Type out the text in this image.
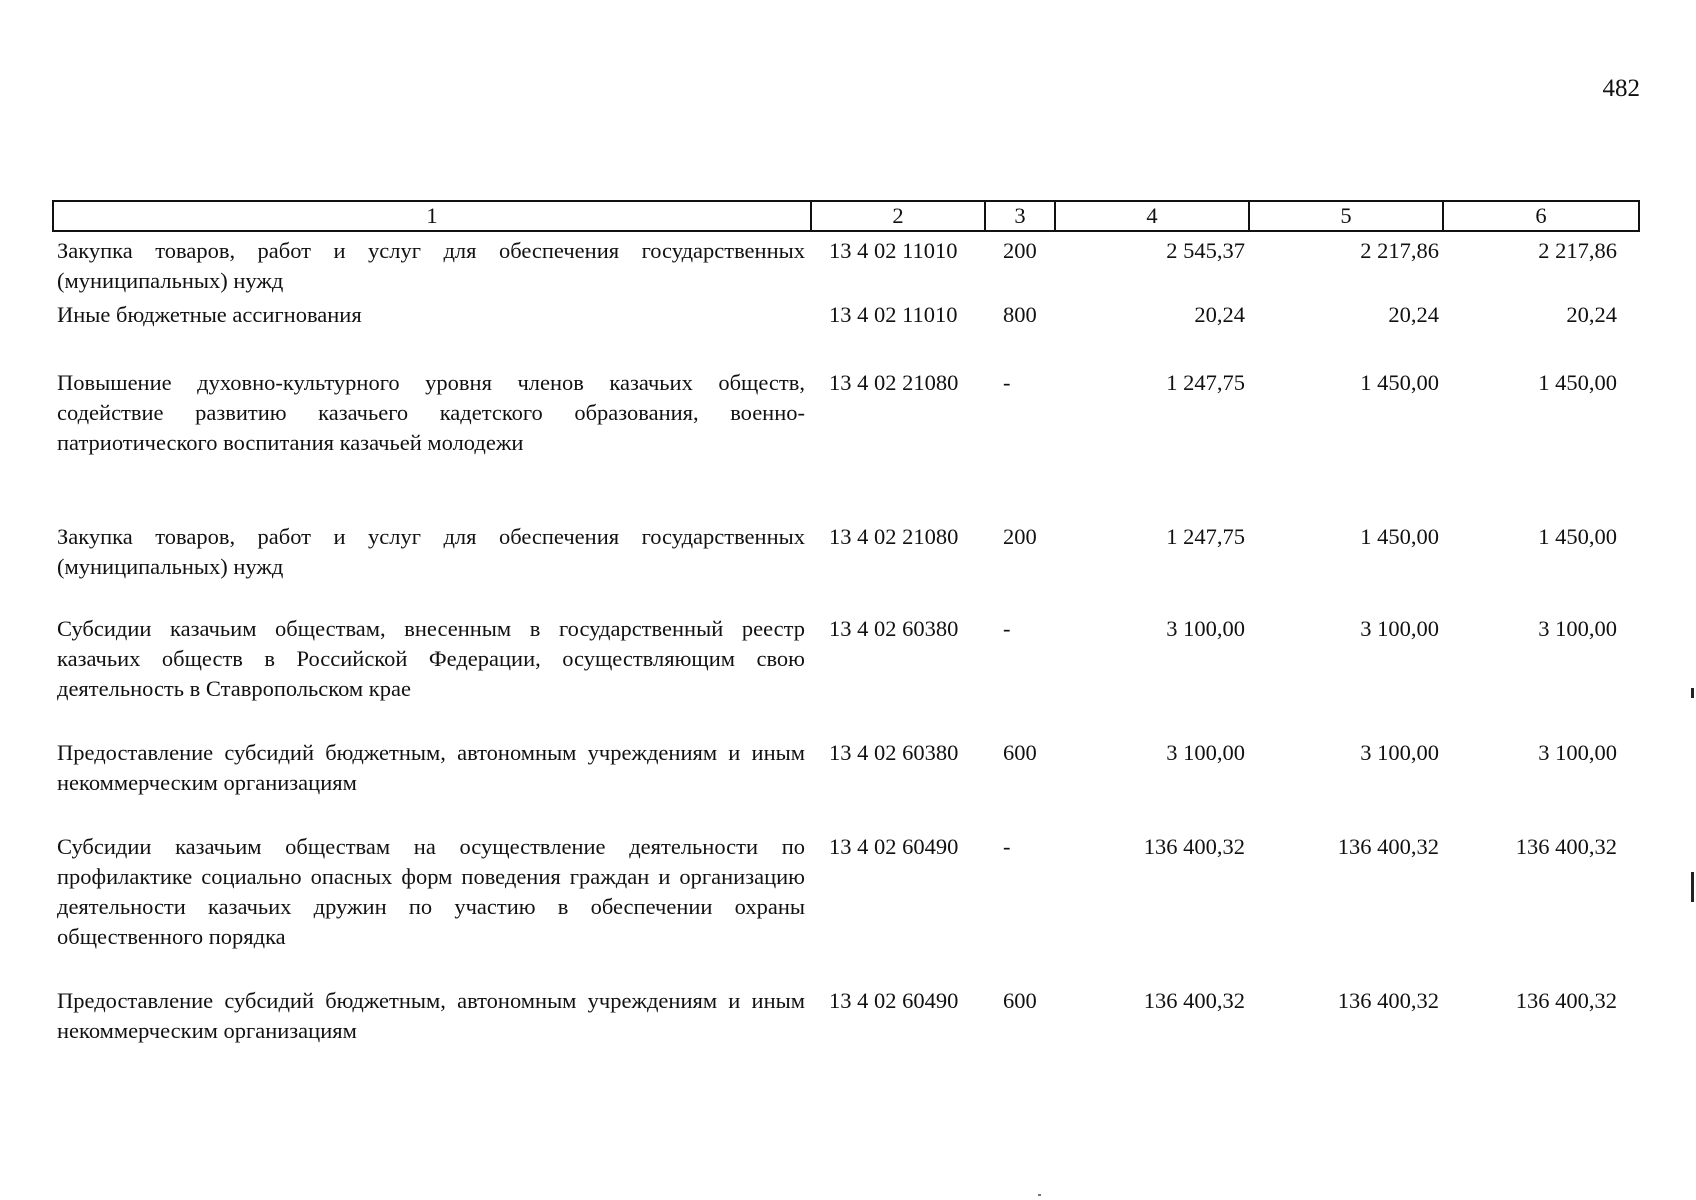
482
1	2	3	4	5	6
Закупка товаров, работ и услуг для обеспечения государственных (муниципальных) нужд	13 4 02 11010	200	2 545,37	2 217,86	2 217,86
Иные бюджетные ассигнования	13 4 02 11010	800	20,24	20,24	20,24
Повышение духовно-культурного уровня членов казачьих обществ, содействие развитию казачьего кадетского образования, военно-патриотического воспитания казачьей молодежи	13 4 02 21080	-	1 247,75	1 450,00	1 450,00
Закупка товаров, работ и услуг для обеспечения государственных (муниципальных) нужд	13 4 02 21080	200	1 247,75	1 450,00	1 450,00
Субсидии казачьим обществам, внесенным в государственный реестр казачьих обществ в Российской Федерации, осуществляющим свою деятельность в Ставропольском крае	13 4 02 60380	-	3 100,00	3 100,00	3 100,00
Предоставление субсидий бюджетным, автономным учреждениям и иным некоммерческим организациям	13 4 02 60380	600	3 100,00	3 100,00	3 100,00
Субсидии казачьим обществам на осуществление деятельности по профилактике социально опасных форм поведения граждан и организацию деятельности казачьих дружин по участию в обеспечении охраны общественного порядка	13 4 02 60490	-	136 400,32	136 400,32	136 400,32
Предоставление субсидий бюджетным, автономным учреждениям и иным некоммерческим организациям	13 4 02 60490	600	136 400,32	136 400,32	136 400,32
